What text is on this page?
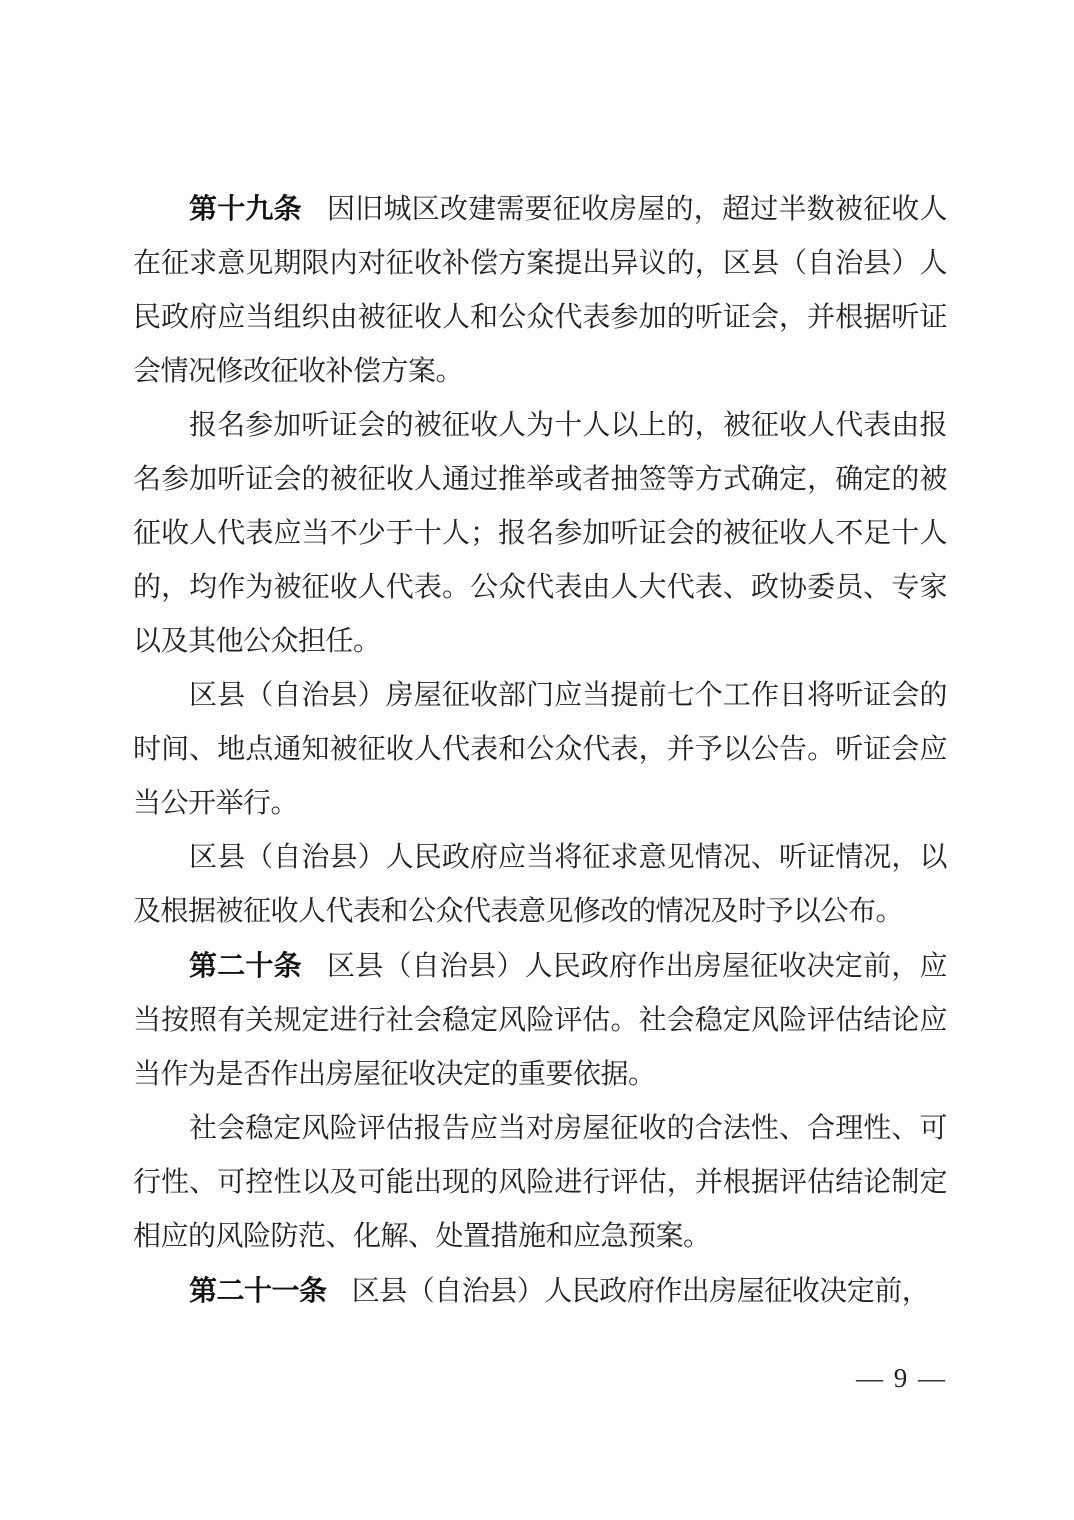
第十九条 因旧城区改建需要征收房屋的，超过半数被征收人在征求意见期限内对征收补偿方案提出异议的，区县（自治县）人民政府应当组织由被征收人和公众代表参加的听证会，并根据听证会情况修改征收补偿方案。
报名参加听证会的被征收人为十人以上的，被征收人代表由报名参加听证会的被征收人通过推举或者抽签等方式确定，确定的被征收人代表应当不少于十人；报名参加听证会的被征收人不足十人的，均作为被征收人代表。公众代表由人大代表、政协委员、专家以及其他公众担任。
区县（自治县）房屋征收部门应当提前七个工作日将听证会的时间、地点通知被征收人代表和公众代表，并予以公告。听证会应当公开举行。
区县（自治县）人民政府应当将征求意见情况、听证情况，以及根据被征收人代表和公众代表意见修改的情况及时予以公布。
第二十条 区县（自治县）人民政府作出房屋征收决定前，应当按照有关规定进行社会稳定风险评估。社会稳定风险评估结论应当作为是否作出房屋征收决定的重要依据。
社会稳定风险评估报告应当对房屋征收的合法性、合理性、可行性、可控性以及可能出现的风险进行评估，并根据评估结论制定相应的风险防范、化解、处置措施和应急预案。
第二十一条 区县（自治县）人民政府作出房屋征收决定前，
— 9 —
